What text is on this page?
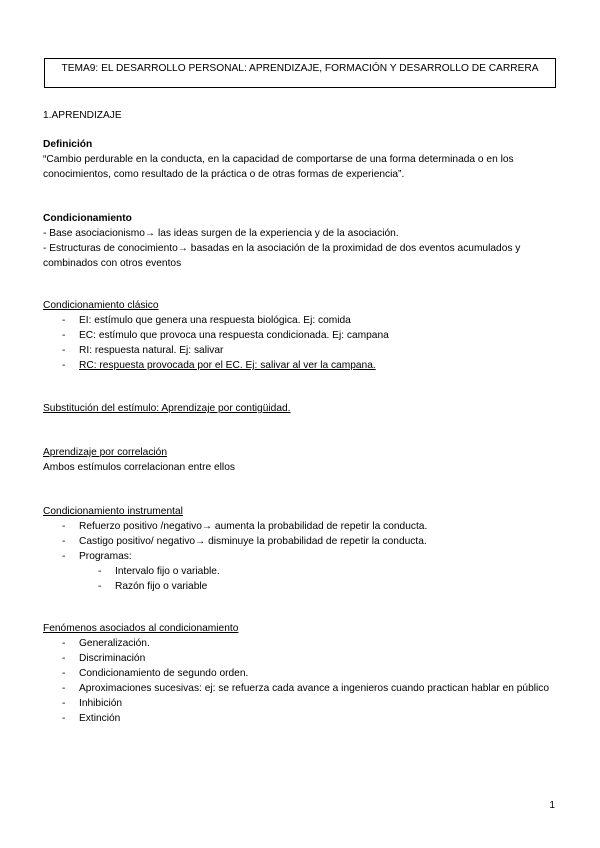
TEMA9: EL DESARROLLO PERSONAL: APRENDIZAJE, FORMACIÓN Y DESARROLLO DE CARRERA
1.APRENDIZAJE
Definición
“Cambio perdurable en la conducta, en la capacidad de comportarse de una forma determinada o en los conocimientos, como resultado de la práctica o de otras formas de experiencia”.
Condicionamiento
- Base asociacionismo→ las ideas surgen de la experiencia y de la asociación.
- Estructuras de conocimiento→ basadas en la asociación de la proximidad de dos eventos acumulados y combinados con otros eventos
Condicionamiento clásico
- EI: estímulo que genera una respuesta biológica. Ej: comida
- EC: estímulo que provoca una respuesta condicionada. Ej: campana
- RI: respuesta natural. Ej: salivar
- RC: respuesta provocada por el EC. Ej: salivar al ver la campana.
Substitución del estímulo: Aprendizaje por contigüidad.
Aprendizaje por correlación
Ambos estímulos correlacionan entre ellos
Condicionamiento instrumental
- Refuerzo positivo /negativo→ aumenta la probabilidad de repetir la conducta.
- Castigo positivo/ negativo→ disminuye la probabilidad de repetir la conducta.
- Programas:
- Intervalo fijo o variable.
- Razón fijo o variable
Fenómenos asociados al condicionamiento
- Generalización.
- Discriminación
- Condicionamiento de segundo orden.
- Aproximaciones sucesivas: ej: se refuerza cada avance a ingenieros cuando practican hablar en público
- Inhibición
- Extinción
1
